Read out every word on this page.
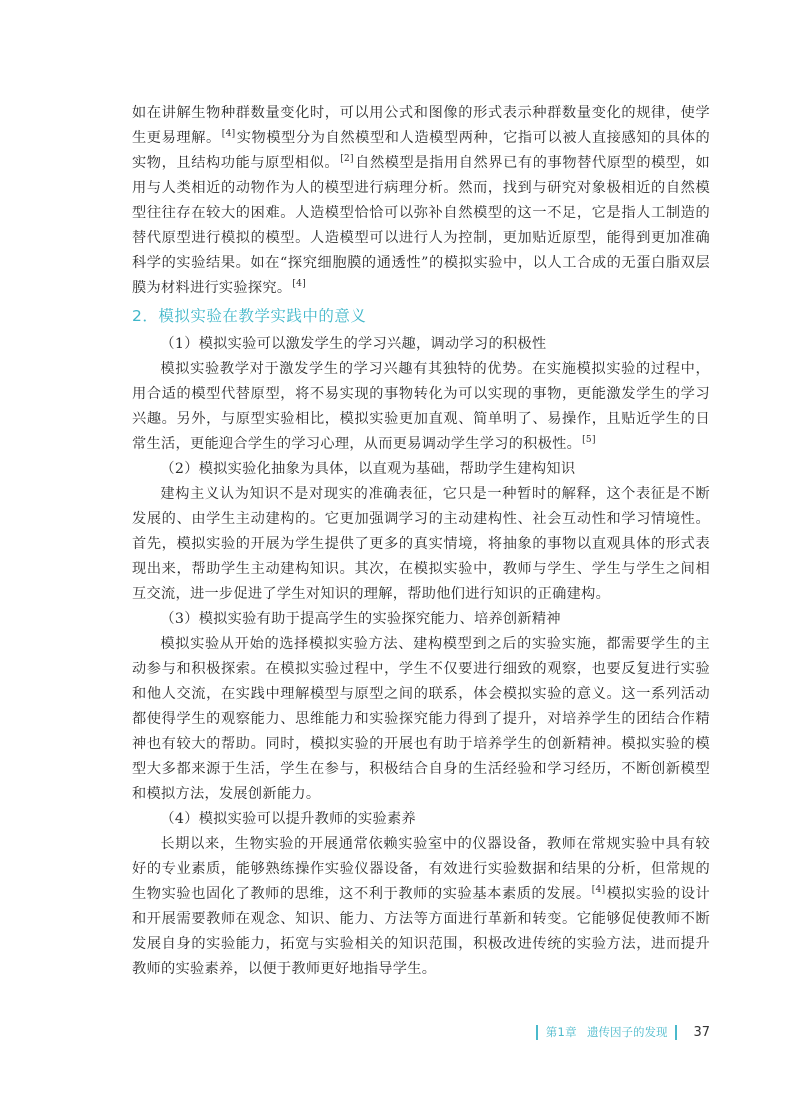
如在讲解生物种群数量变化时，可以用公式和图像的形式表示种群数量变化的规律，使学生更易理解。[4]实物模型分为自然模型和人造模型两种，它指可以被人直接感知的具体的实物，且结构功能与原型相似。[2]自然模型是指用自然界已有的事物替代原型的模型，如用与人类相近的动物作为人的模型进行病理分析。然而，找到与研究对象极相近的自然模型往往存在较大的困难。人造模型恰恰可以弥补自然模型的这一不足，它是指人工制造的替代原型进行模拟的模型。人造模型可以进行人为控制，更加贴近原型，能得到更加准确科学的实验结果。如在“探究细胞膜的通透性”的模拟实验中，以人工合成的无蛋白脂双层膜为材料进行实验探究。[4]

2．模拟实验在教学实践中的意义
（1）模拟实验可以激发学生的学习兴趣，调动学习的积极性

模拟实验教学对于激发学生的学习兴趣有其独特的优势。在实施模拟实验的过程中，用合适的模型代替原型，将不易实现的事物转化为可以实现的事物，更能激发学生的学习兴趣。另外，与原型实验相比，模拟实验更加直观、简单明了、易操作，且贴近学生的日常生活，更能迎合学生的学习心理，从而更易调动学生学习的积极性。[5]

（2）模拟实验化抽象为具体，以直观为基础，帮助学生建构知识

建构主义认为知识不是对现实的准确表征，它只是一种暂时的解释，这个表征是不断发展的、由学生主动建构的。它更加强调学习的主动建构性、社会互动性和学习情境性。首先，模拟实验的开展为学生提供了更多的真实情境，将抽象的事物以直观具体的形式表现出来，帮助学生主动建构知识。其次，在模拟实验中，教师与学生、学生与学生之间相互交流，进一步促进了学生对知识的理解，帮助他们进行知识的正确建构。

（3）模拟实验有助于提高学生的实验探究能力、培养创新精神

模拟实验从开始的选择模拟实验方法、建构模型到之后的实验实施，都需要学生的主动参与和积极探索。在模拟实验过程中，学生不仅要进行细致的观察，也要反复进行实验和他人交流，在实践中理解模型与原型之间的联系，体会模拟实验的意义。这一系列活动都使得学生的观察能力、思维能力和实验探究能力得到了提升，对培养学生的团结合作精神也有较大的帮助。同时，模拟实验的开展也有助于培养学生的创新精神。模拟实验的模型大多都来源于生活，学生在参与，积极结合自身的生活经验和学习经历，不断创新模型和模拟方法，发展创新能力。

（4）模拟实验可以提升教师的实验素养

长期以来，生物实验的开展通常依赖实验室中的仪器设备，教师在常规实验中具有较好的专业素质，能够熟练操作实验仪器设备，有效进行实验数据和结果的分析，但常规的生物实验也固化了教师的思维，这不利于教师的实验基本素质的发展。[4]模拟实验的设计和开展需要教师在观念、知识、能力、方法等方面进行革新和转变。它能够促使教师不断发展自身的实验能力，拓宽与实验相关的知识范围，积极改进传统的实验方法，进而提升教师的实验素养，以便于教师更好地指导学生。

第1章 遗传因子的发现 37
